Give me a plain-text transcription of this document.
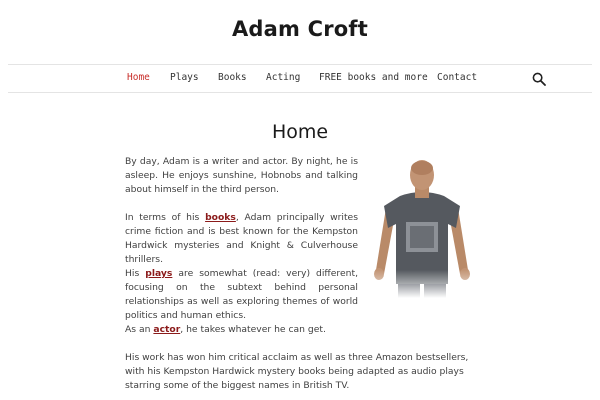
Adam Croft
Home Plays Books Acting FREE books and more Contact
Home

By day, Adam is a writer and actor. By night, he is asleep. He enjoys sunshine, Hobnobs and talking about himself in the third person.

In terms of his books, Adam principally writes crime fiction and is best known for the Kempston Hardwick mysteries and Knight & Culverhouse thrillers.

His plays are somewhat (read: very) different, focusing on the subtext behind personal relationships as well as exploring themes of world politics and human ethics.

As an actor, he takes whatever he can get.

His work has won him critical acclaim as well as three Amazon bestsellers, with his Kempston Hardwick mystery books being adapted as audio plays starring some of the biggest names in British TV.
